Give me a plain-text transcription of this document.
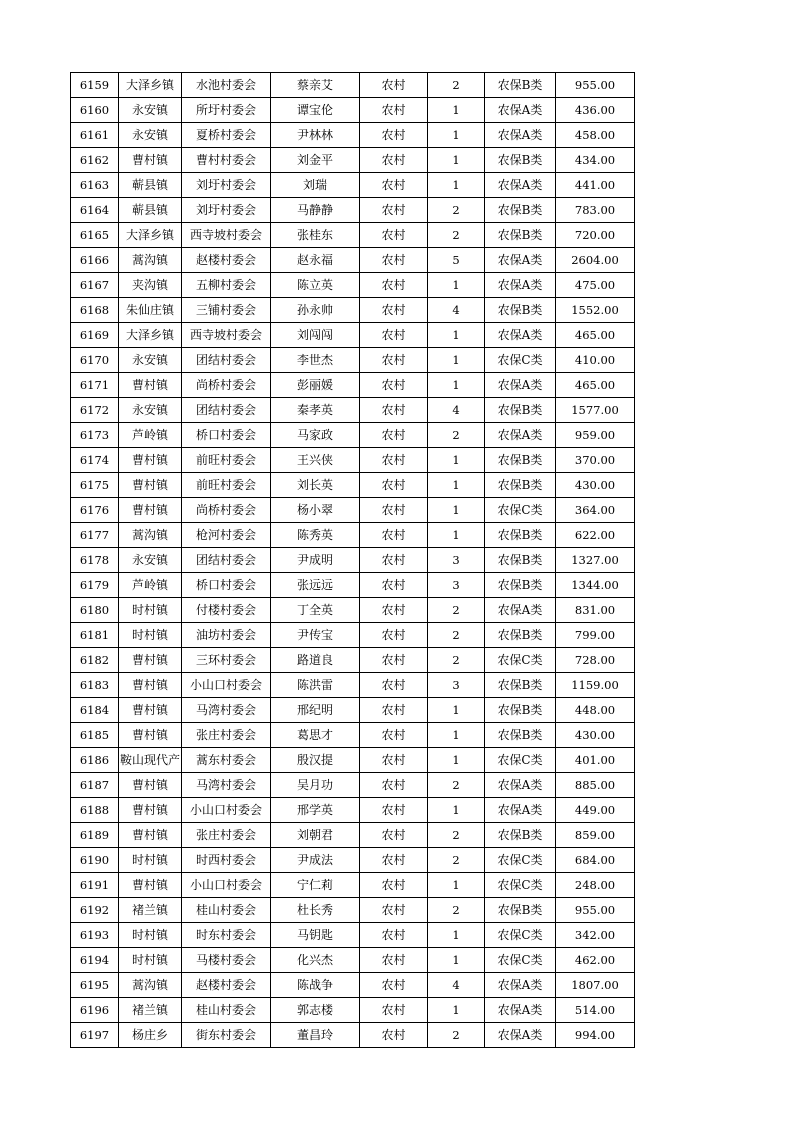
6159	大泽乡镇	水池村委会	蔡亲艾	农村	2	农保B类	955.00
6160	永安镇	所圩村委会	谭宝伦	农村	1	农保A类	436.00
6161	永安镇	夏桥村委会	尹林林	农村	1	农保A类	458.00
6162	曹村镇	曹村村委会	刘金平	农村	1	农保B类	434.00
6163	蕲县镇	刘圩村委会	刘瑞	农村	1	农保A类	441.00
6164	蕲县镇	刘圩村委会	马静静	农村	2	农保B类	783.00
6165	大泽乡镇	西寺坡村委会	张桂东	农村	2	农保B类	720.00
6166	蒿沟镇	赵楼村委会	赵永福	农村	5	农保A类	2604.00
6167	夹沟镇	五柳村委会	陈立英	农村	1	农保A类	475.00
6168	朱仙庄镇	三铺村委会	孙永帅	农村	4	农保B类	1552.00
6169	大泽乡镇	西寺坡村委会	刘闯闯	农村	1	农保A类	465.00
6170	永安镇	团结村委会	李世杰	农村	1	农保C类	410.00
6171	曹村镇	尚桥村委会	彭丽媛	农村	1	农保A类	465.00
6172	永安镇	团结村委会	秦孝英	农村	4	农保B类	1577.00
6173	芦岭镇	桥口村委会	马家政	农村	2	农保A类	959.00
6174	曹村镇	前旺村委会	王兴侠	农村	1	农保B类	370.00
6175	曹村镇	前旺村委会	刘长英	农村	1	农保B类	430.00
6176	曹村镇	尚桥村委会	杨小翠	农村	1	农保C类	364.00
6177	蒿沟镇	枪河村委会	陈秀英	农村	1	农保B类	622.00
6178	永安镇	团结村委会	尹成明	农村	3	农保B类	1327.00
6179	芦岭镇	桥口村委会	张远远	农村	3	农保B类	1344.00
6180	时村镇	付楼村委会	丁全英	农村	2	农保A类	831.00
6181	时村镇	油坊村委会	尹传宝	农村	2	农保B类	799.00
6182	曹村镇	三环村委会	路道良	农村	2	农保C类	728.00
6183	曹村镇	小山口村委会	陈洪雷	农村	3	农保B类	1159.00
6184	曹村镇	马湾村委会	邢纪明	农村	1	农保B类	448.00
6185	曹村镇	张庄村委会	葛思才	农村	1	农保B类	430.00
6186	鞍山现代产	蒿东村委会	殷汉提	农村	1	农保C类	401.00
6187	曹村镇	马湾村委会	吴月功	农村	2	农保A类	885.00
6188	曹村镇	小山口村委会	邢学英	农村	1	农保A类	449.00
6189	曹村镇	张庄村委会	刘朝君	农村	2	农保B类	859.00
6190	时村镇	时西村委会	尹成法	农村	2	农保C类	684.00
6191	曹村镇	小山口村委会	宁仁莉	农村	1	农保C类	248.00
6192	褚兰镇	桂山村委会	杜长秀	农村	2	农保B类	955.00
6193	时村镇	时东村委会	马钥匙	农村	1	农保C类	342.00
6194	时村镇	马楼村委会	化兴杰	农村	1	农保C类	462.00
6195	蒿沟镇	赵楼村委会	陈战争	农村	4	农保A类	1807.00
6196	褚兰镇	桂山村委会	郭志楼	农村	1	农保A类	514.00
6197	杨庄乡	街东村委会	董昌玲	农村	2	农保A类	994.00
